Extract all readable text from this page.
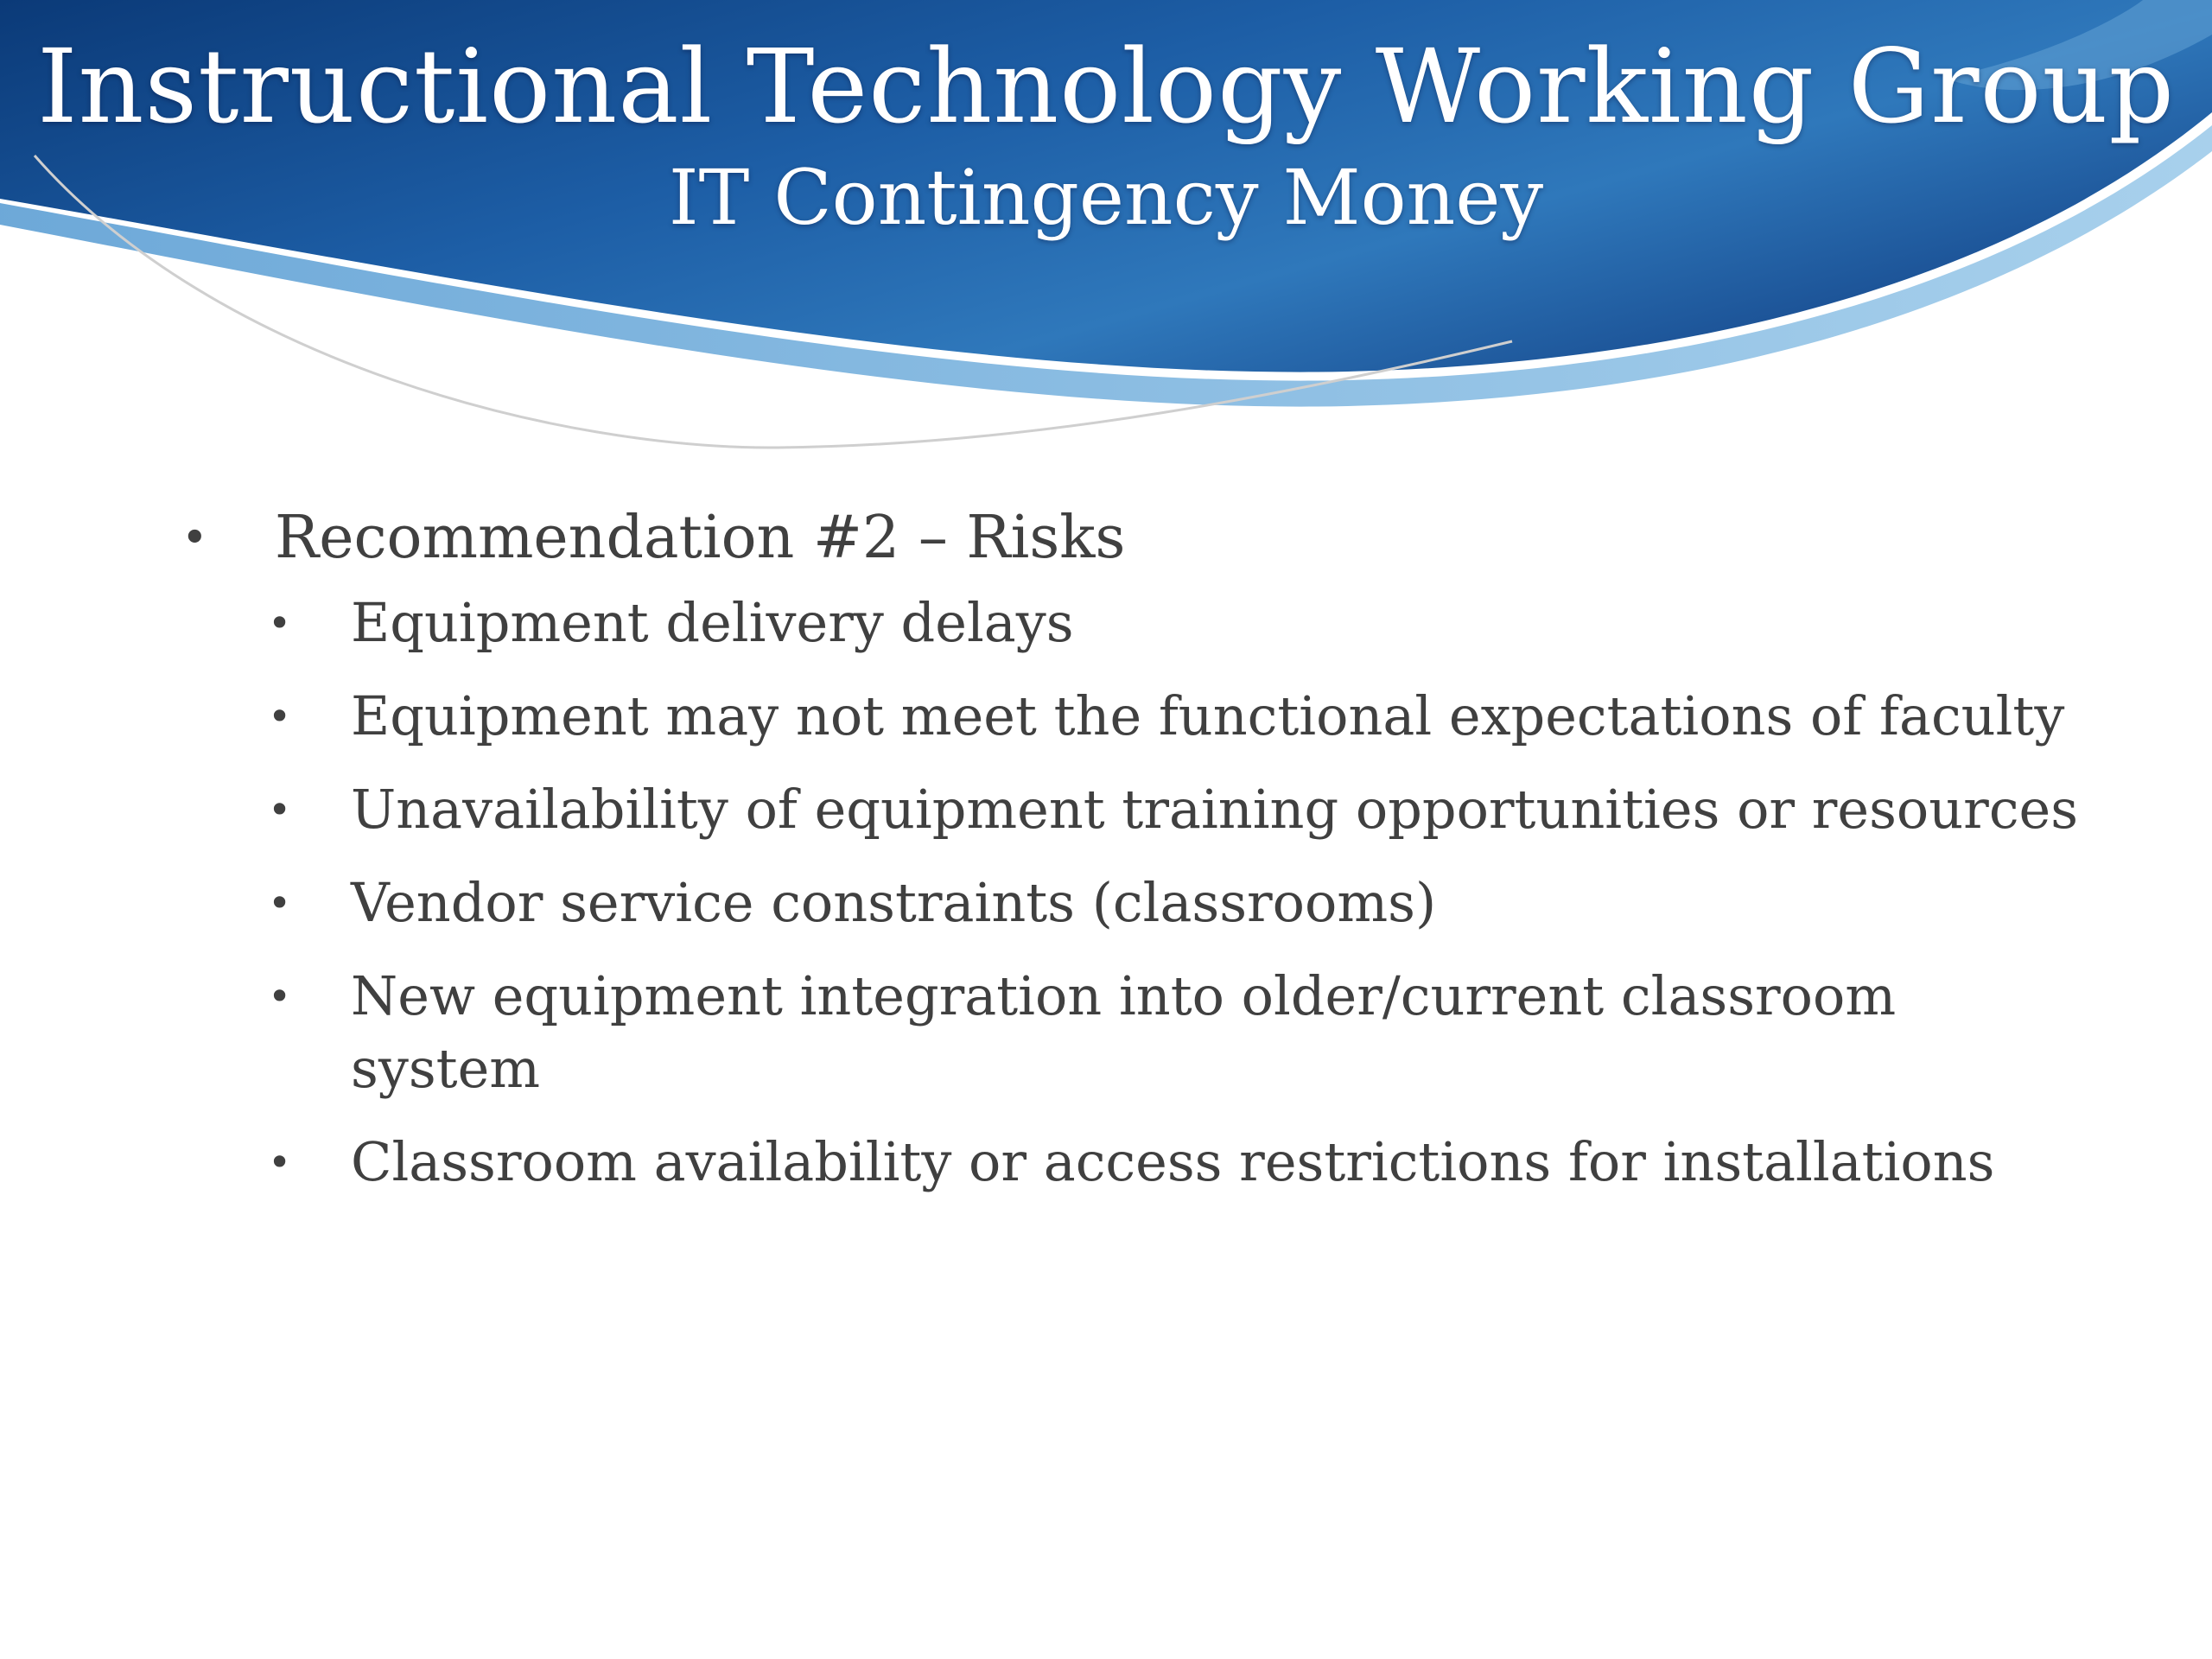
Instructional Technology Working Group
IT Contingency Money
•	Recommendation #2 – Risks
•	Equipment delivery delays
•	Equipment may not meet the functional expectations of faculty
•	Unavailability of equipment training opportunities or resources
•	Vendor service constraints (classrooms)
•	New equipment integration into older/current classroom system
•	Classroom availability or access restrictions for installations
